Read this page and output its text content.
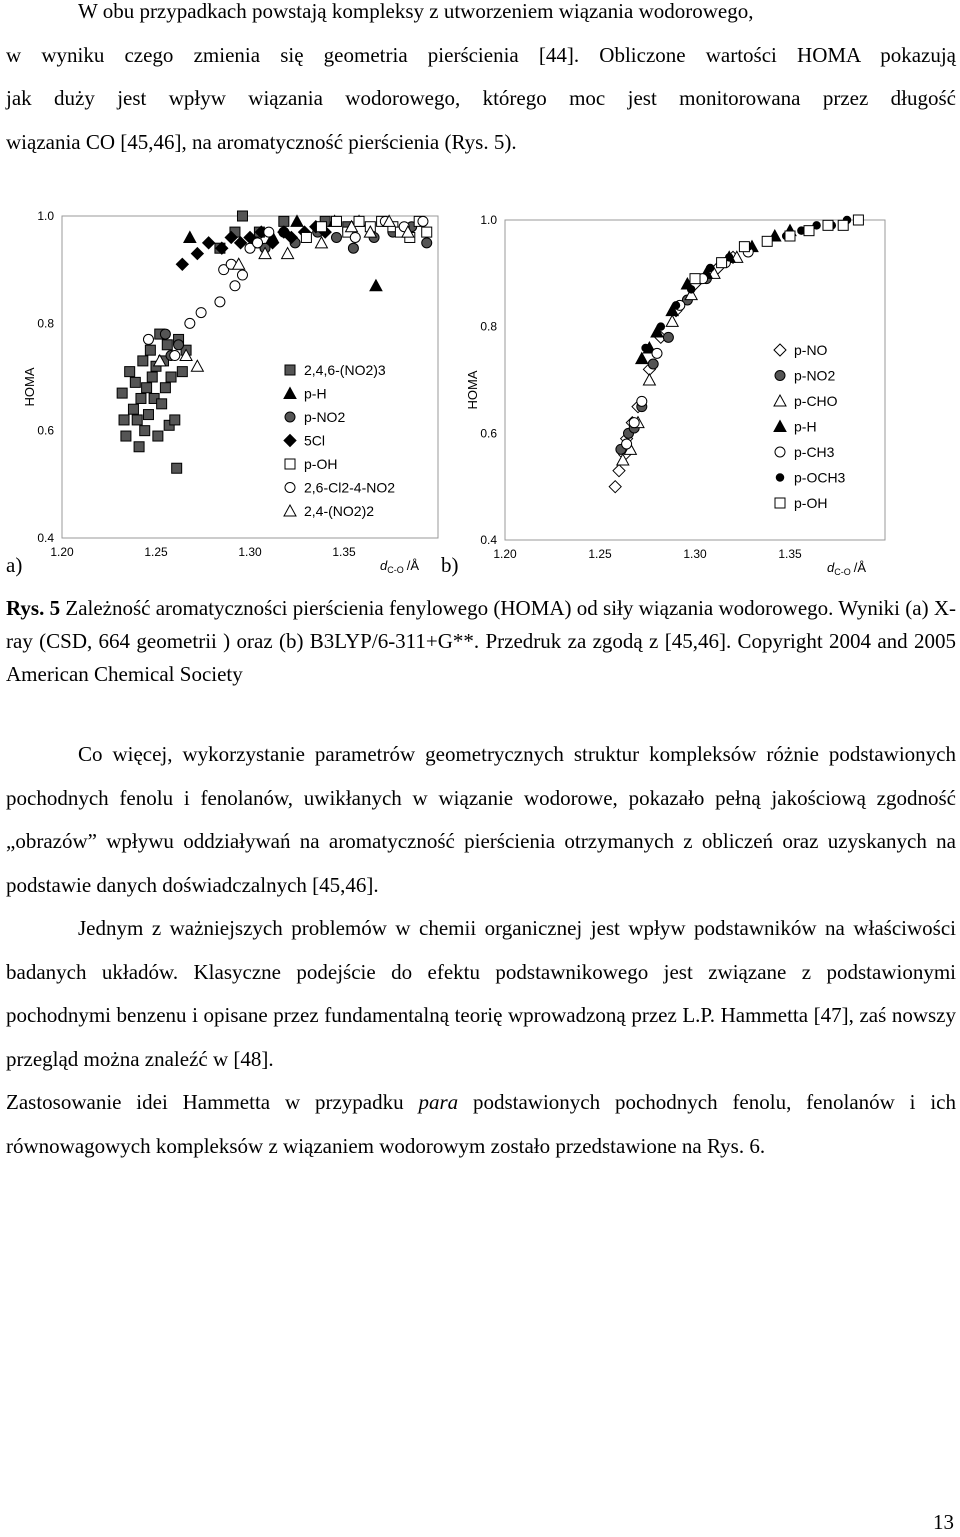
W obu przypadkach powstają kompleksy z utworzeniem wiązania wodorowego,

w wyniku czego zmienia się geometria pierścienia [44]. Obliczone wartości HOMA pokazują

jak duży jest wpływ wiązania wodorowego, którego moc jest monitorowana przez długość

wiązania CO [45,46], na aromatyczność pierścienia (Rys. 5).

0.4
0.6
0.8
1.0
1.20	1.25	1.30	1.35
HOMA
$d_{C-O}$ /Å
2,4,6-(NO2)3
p-H
p-NO2
5Cl
p-OH
2,6-Cl2-4-NO2
2,4-(NO2)2
0.4
0.6
0.8
1.0
1.20	1.25	1.30	1.35
HOMA
$d_{C-O}$ /Å
p-NO
p-NO2
p-CHO
p-H
p-CH3
p-OCH3
p-OH
a)	b)
Rys. 5 Zależność aromatyczności pierścienia fenylowego (HOMA) od siły wiązania wodorowego. Wyniki (a) X-ray (CSD, 664 geometrii ) oraz (b) B3LYP/6-311+G**. Przedruk za zgodą z [45,46]. Copyright 2004 and 2005 American Chemical Society

Co więcej, wykorzystanie parametrów geometrycznych struktur kompleksów różnie podstawionych pochodnych fenolu i fenolanów, uwikłanych w wiązanie wodorowe, pokazało pełną jakościową zgodność „obrazów” wpływu oddziaływań na aromatyczność pierścienia otrzymanych z obliczeń oraz uzyskanych na podstawie danych doświadczalnych [45,46].

Jednym z ważniejszych problemów w chemii organicznej jest wpływ podstawników na właściwości badanych układów. Klasyczne podejście do efektu podstawnikowego jest związane z podstawionymi pochodnymi benzenu i opisane przez fundamentalną teorię wprowadzoną przez L.P. Hammetta [47], zaś nowszy przegląd można znaleźć w [48].

Zastosowanie idei Hammetta w przypadku para podstawionych pochodnych fenolu, fenolanów i ich równowagowych kompleksów z wiązaniem wodorowym zostało przedstawione na Rys. 6.

13
